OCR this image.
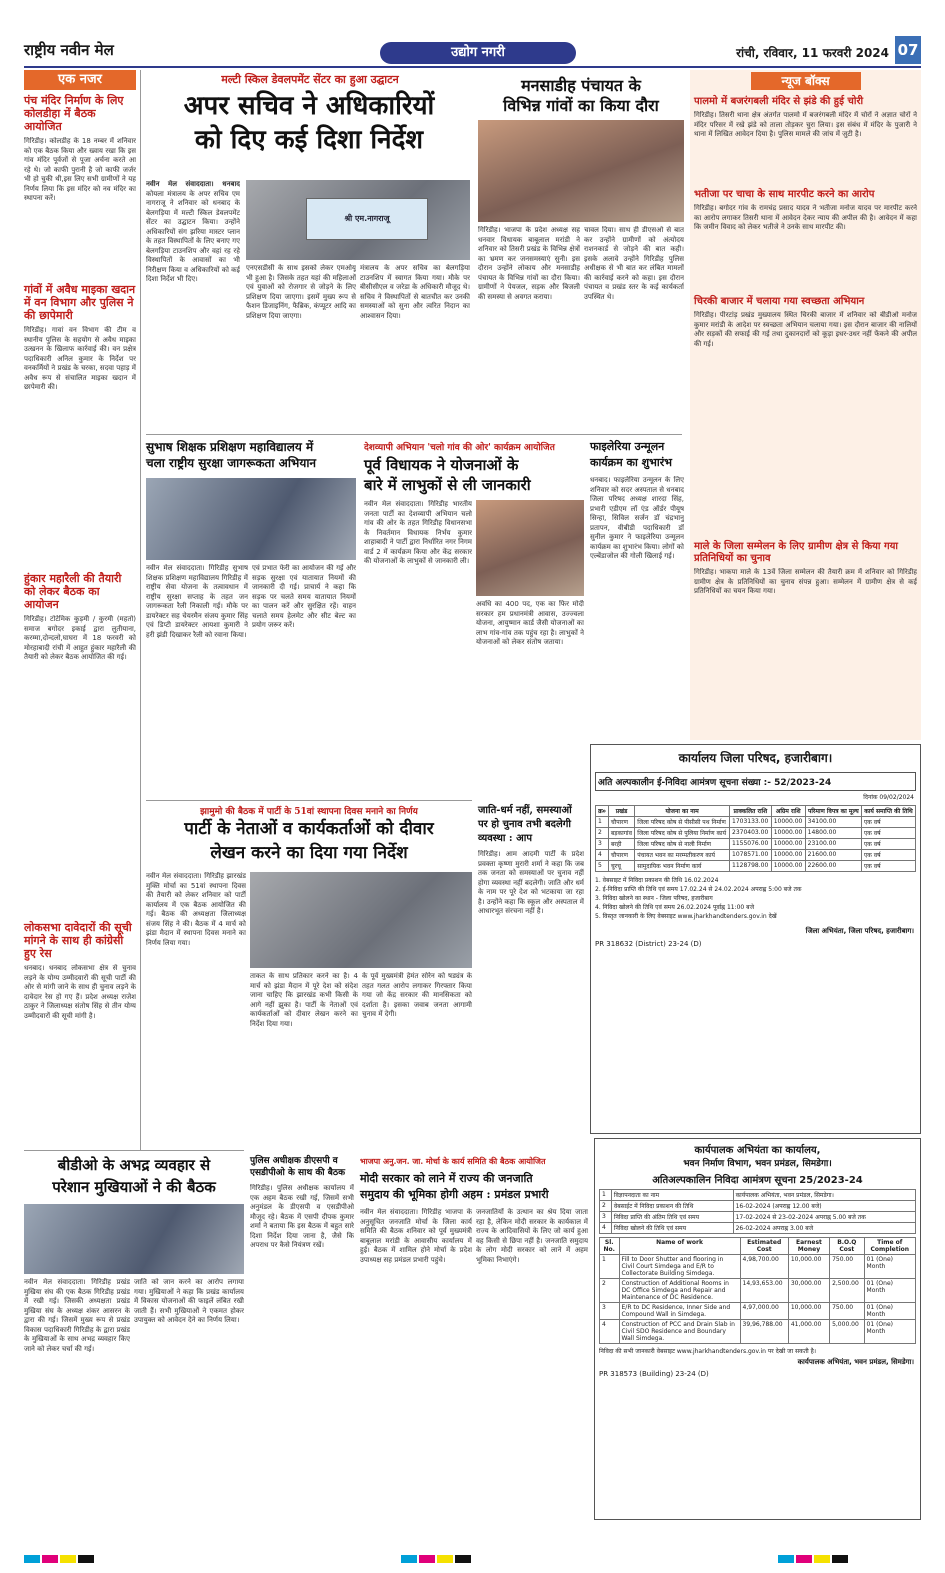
राष्ट्रीय नवीन मेल	उद्योग नगरी	रांची, रविवार, 11 फरवरी 2024 07
एक नजर
पंच मंदिर निर्माण के लिए कोलडीहा में बैठक आयोजित
गिरिडीह। कोलडीह के 18 नम्बर में शनिवार को एक बैठक किया और ख्वाय रखा कि इस गांव मंदिर पूर्वजों से पूजा अर्चना करते आ रहे थे। जो काफी पुरानी है जो काफी जर्जर भी हो चुकी थी,इस लिए सभी ग्रामीणों ने यह निर्णय लिया कि इस मंदिर को नव मंदिर का स्थापना करें।
गांवों में अवैध माइका खदान में वन विभाग और पुलिस ने की छापेमारी
गिरिडीह। गावां वन विभाग की टीम व स्थानीय पुलिस के सहयोग से अवैध माइका उत्खनन के खिलाफ कार्रवाई की। वन प्रक्षेत्र पदाधिकारी अनिल कुमार के निर्देश पर वनकर्मियों ने प्रखंड के चरका, सदवा पहाड़ में अवैध रूप से संचालित माइका खदान में छापेमारी की।
हुंकार महारैली की तैयारी को लेकर बैठक का आयोजन
गिरिडीह। टोटेमिक कुड़मी / कुरमी (महतो) समाज बगोदर इकाई द्वारा लुतीयाना, करम्मा,दोन्दलो,घाघरा में 18 फरवरी को मोरहाबादी रांची में आहुत हुंकार महारैली की तैयारी को लेकर बैठक आयोजित की गई।
लोकसभा दावेदारों की सूची मांगने के साथ ही कांग्रेसी हुए रेस
धनबाद। धनबाद लोकसभा क्षेत्र से चुनाव लड़ने के योग्य उम्मीदवारों की सूची पार्टी की ओर से मांगी जाने के साथ ही चुनाव लड़ने के दावेदार रेस हो गए हैं। प्रदेश अध्यक्ष राजेश ठाकुर ने जिलाध्यक्ष संतोष सिंह से तीन योग्य उम्मीदवारों की सूची मांगी है।
मल्टी स्किल डेवलपमेंट सेंटर का हुआ उद्घाटन
अपर सचिव ने अधिकारियों
को दिए कई दिशा निर्देश
नवीन मेल संवाददाता। धनबाद कोयला मंत्रालय के अपर सचिव एम नागराजू ने शनिवार को धनबाद के बेलगड़िया में मल्टी स्किल डेवलपमेंट सेंटर का उद्घाटन किया। उन्होंने अधिकारियों संग झरिया मास्टर प्लान के तहत विस्थापितों के लिए बनाए गए बेलगड़िया टाउनशिप और वहां रह रहे विस्थापितों के आवासों का भी निरीक्षण किया व अधिकारियों को कई दिशा निर्देश भी दिए।
श्री एम.नागराजू
एनएसडीसी के साथ इसको लेकर एमओयू भी हुआ है। जिसके तहत यहां की महिलाओं एवं युवाओं को रोजगार से जोड़ने के लिए प्रशिक्षण दिया जाएगा। इसमें मुख्य रूप से फैशन डिजाइनिंग, फैब्रिक, कंप्यूटर आदि का प्रशिक्षण दिया जाएगा।
मंत्रालय के अपर सचिव का बेलगड़िया टाउनशिप में स्वागत किया गया। मौके पर बीसीसीएल व जरेडा के अधिकारी मौजूद थे। सचिव ने विस्थापितों से बातचीत कर उनकी समस्याओं को सुना और त्वरित निदान का आश्वासन दिया।
मनसाडीह पंचायत के
विभिन्न गांवों का किया दौरा
गिरिडीह। भाजपा के प्रदेश अध्यक्ष सह धनवार विधायक बाबूलाल मरांडी ने शनिवार को तिसरी प्रखंड के विभिन्न क्षेत्रों का भ्रमण कर जनसमस्याएं सुनी। इस दौरान उन्होंने लोकाय और मनसाडीह पंचायत के विभिन्न गांवों का दौरा किया। ग्रामीणों ने पेयजल, सड़क और बिजली की समस्या से अवगत कराया।
चावल दिया। साथ ही डीएसओ से बात कर उन्होंने ग्रामीणों को अंत्योदय राशनकार्ड से जोड़ने की बात कही। इसके अलावे उन्होंने गिरिडीह पुलिस अधीक्षक से भी बात कर लंबित मामलों की कार्रवाई करने को कहा। इस दौरान पंचायत व प्रखंड स्तर के कई कार्यकर्ता उपस्थित थे।
न्यूज बॉक्स
पालमो में बजरंगबली मंदिर से झंडे की हुई चोरी
गिरिडीह। तिसरी थाना क्षेत्र अंतर्गत पालमो में बजरंगबली मंदिर में चोरों ने अज्ञात चोरों ने मंदिर परिसर में रखे झंडे को ताला तोड़कर चुरा लिया। इस संबंध में मंदिर के पुजारी ने थाना में लिखित आवेदन दिया है। पुलिस मामले की जांच में जुटी है।
भतीजा पर चाचा के साथ मारपीट करने का आरोप
गिरिडीह। बगोदर गांव के रामचंद्र प्रसाद यादव ने भतीजा मनोज यादव पर मारपीट करने का आरोप लगाकर तिसरी थाना में आवेदन देकर न्याय की अपील की है। आवेदन में कहा कि जमीन विवाद को लेकर भतीजे ने उनके साथ मारपीट की।
चिरकी बाजार में चलाया गया स्वच्छता अभियान
गिरिडीह। पीरटांड़ प्रखंड मुख्यालय स्थित चिरकी बाजार में शनिवार को बीडीओ मनोज कुमार मरांडी के आदेश पर स्वच्छता अभियान चलाया गया। इस दौरान बाजार की नालियों और सड़कों की सफाई की गई तथा दुकानदारों को कूड़ा इधर-उधर नहीं फेंकने की अपील की गई।
माले के जिला सम्मेलन के लिए ग्रामीण क्षेत्र से किया गया प्रतिनिधियों का चुनाव
गिरिडीह। भाकपा माले के 13वें जिला सम्मेलन की तैयारी क्रम में शनिवार को गिरिडीह ग्रामीण क्षेत्र के प्रतिनिधियों का चुनाव संपन्न हुआ। सम्मेलन में ग्रामीण क्षेत्र से कई प्रतिनिधियों का चयन किया गया।
सुभाष शिक्षक प्रशिक्षण महाविद्यालय में
चला राष्ट्रीय सुरक्षा जागरूकता अभियान
नवीन मेल संवाददाता। गिरिडीह सुभाष शिक्षक प्रशिक्षण महाविद्यालय गिरिडीह में राष्ट्रीय सेवा योजना के तत्वावधान में राष्ट्रीय सुरक्षा सप्ताह के तहत जन जागरूकता रैली निकाली गई। मौके पर डायरेक्टर सह चेयरमैन संजय कुमार सिंह एवं डिप्टी डायरेक्टर आयशा कुमारी ने हरी झंडी दिखाकर रैली को रवाना किया।
एवं प्रभात फेरी का आयोजन की गई और सड़क सुरक्षा एवं यातायात नियमों की जानकारी दी गई। प्राचार्य ने कहा कि सड़क पर चलते समय यातायात नियमों का पालन करें और सुरक्षित रहें। वाहन चलाते समय हेलमेट और सीट बेल्ट का प्रयोग जरूर करें।
देशव्यापी अभियान 'चलो गांव की ओर' कार्यक्रम आयोजित
पूर्व विधायक ने योजनाओं के
बारे में लाभुकों से ली जानकारी
नवीन मेल संवाददाता। गिरिडीह भारतीय जनता पार्टी का देशव्यापी अभियान चलो गांव की ओर के तहत गिरिडीह विधानसभा के निवर्तमान विधायक निर्भय कुमार शाहाबादी ने पार्टी द्वारा निर्धारित नगर निगम वार्ड 2 में कार्यक्रम किया और केंद्र सरकार की योजनाओं के लाभुकों से जानकारी ली।
अवधि का 400 पद, एक का फिर मोदी सरकार हम प्रधानमंत्री आवास, उज्ज्वला योजना, आयुष्मान कार्ड जैसी योजनाओं का लाभ गांव-गांव तक पहुंच रहा है। लाभुकों ने योजनाओं को लेकर संतोष जताया।
फाइलेरिया उन्मूलन
कार्यक्रम का शुभारंभ
धनबाद। फाइलेरिया उन्मूलन के लिए शनिवार को सदर अस्पताल से धनबाद जिला परिषद अध्यक्ष शारदा सिंह, प्रभारी एडीएम लॉ एंड ऑर्डर पीयूष सिन्हा, सिविल सर्जन डॉ चंद्रभानु प्रतापन, वीबीडी पदाधिकारी डॉ सुनील कुमार ने फाइलेरिया उन्मूलन कार्यक्रम का शुभारंभ किया। लोगों को एल्बेंडाजोल की गोली खिलाई गई।
झामुमो की बैठक में पार्टी के 51वां स्थापना दिवस मनाने का निर्णय
पार्टी के नेताओं व कार्यकर्ताओं को दीवार
लेखन करने का दिया गया निर्देश
नवीन मेल संवाददाता। गिरिडीह झारखंड मुक्ति मोर्चा का 51वां स्थापना दिवस की तैयारी को लेकर शनिवार को पार्टी कार्यालय में एक बैठक आयोजित की गई। बैठक की अध्यक्षता जिलाध्यक्ष संजय सिंह ने की। बैठक में 4 मार्च को झंडा मैदान में स्थापना दिवस मनाने का निर्णय लिया गया।
ताकत के साथ प्रतिकार करने का है। 4 मार्च को झंडा मैदान में पूरे देश को संदेश जाना चाहिए कि झारखंड कभी किसी के आगे नहीं झुका है। पार्टी के नेताओं एवं कार्यकर्ताओं को दीवार लेखन करने का निर्देश दिया गया।
के पूर्व मुख्यमंत्री हेमंत सोरेन को षड्यंत्र के तहत गलत आरोप लगाकर गिरफ्तार किया गया जो केंद्र सरकार की मानसिकता को दर्शाता है। इसका जवाब जनता आगामी चुनाव में देगी।
जाति-धर्म नहीं, समस्याओं
पर हो चुनाव तभी बदलेगी
व्यवस्था : आप
गिरिडीह। आम आदमी पार्टी के प्रदेश प्रवक्ता कृष्णा मुरारी शर्मा ने कहा कि जब तक जनता को समस्याओं पर चुनाव नहीं होगा व्यवस्था नहीं बदलेगी। जाति और धर्म के नाम पर पूरे देश को भटकाया जा रहा है। उन्होंने कहा कि स्कूल और अस्पताल में आधारभूत संरचना नहीं है।
कार्यालय जिला परिषद, हजारीबाग।
अति अल्पकालीन ई-निविदा आमंत्रण सूचना संख्या :- 52/2023-24
दिनांक 09/02/2024
क्र०	प्रखंड	योजना का नाम	प्राक्कलित राशि	अग्रिम राशि	परिमाण विपत्र का मूल्य	कार्य समाप्ति की तिथि
1	चौपारण	जिला परिषद कोष से पीसीसी पथ निर्माण	1703133.00	10000.00	34100.00	एक वर्ष
2	बड़कागांव	जिला परिषद कोष से पुलिया निर्माण कार्य	2370403.00	10000.00	14800.00	एक वर्ष
3	बरही	जिला परिषद कोष से नाली निर्माण	1155076.00	10000.00	23100.00	एक वर्ष
4	चौपारण	पंचायत भवन का मरम्मतीकरण कार्य	1078571.00	10000.00	21600.00	एक वर्ष
5	चुरचू	सामुदायिक भवन निर्माण कार्य	1128798.00	10000.00	22600.00	एक वर्ष
1. वेबसाइट में निविदा प्रकाशन की तिथि 16.02.2024
2. ई-निविदा प्राप्ति की तिथि एवं समय 17.02.24 से 24.02.2024 अपराह्न 5:00 बजे तक
3. निविदा खोलने का स्थान - जिला परिषद, हजारीबाग
4. निविदा खोलने की तिथि एवं समय 26.02.2024 पूर्वाह्न 11:00 बजे
5. विस्तृत जानकारी के लिए वेबसाइट www.jharkhandtenders.gov.in देखें
जिला अभियंता, जिला परिषद, हजारीबाग।
PR 318632 (District) 23-24 (D)
बीडीओ के अभद्र व्यवहार से
परेशान मुखियाओं ने की बैठक
नवीन मेल संवाददाता। गिरिडीह प्रखंड मुखिया संघ की एक बैठक गिरिडीह प्रखंड में रखी गई। जिसकी अध्यक्षता प्रखंड मुखिया संघ के अध्यक्ष शंकर आसरन के द्वारा की गई। जिसमें मुख्य रूप से प्रखंड विकास पदाधिकारी गिरिडीह के द्वारा प्रखंड के मुखियाओं के साथ अभद्र व्यवहार किए जाने को लेकर चर्चा की गई।
जाति को जान करने का आरोप लगाया गया। मुखियाओं ने कहा कि प्रखंड कार्यालय में विकास योजनाओं की फाइलें लंबित रखी जाती हैं। सभी मुखियाओं ने एकमत होकर उपायुक्त को आवेदन देने का निर्णय लिया।
पुलिस अधीक्षक डीएसपी व
एसडीपीओ के साथ की बैठक
गिरिडीह। पुलिस अधीक्षक कार्यालय में एक अहम बैठक रखी गई, जिसमें सभी अनुमंडल के डीएसपी व एसडीपीओ मौजूद रहे। बैठक में एसपी दीपक कुमार शर्मा ने बताया कि इस बैठक में बहुत सारे दिशा निर्देश दिया जाना है, जैसे कि अपराध पर कैसे नियंत्रण रखें।
भाजपा अनु.जन. जा. मोर्चा के कार्य समिति की बैठक आयोजित
मोदी सरकार को लाने में राज्य की जनजाति
समुदाय की भूमिका होगी अहम : प्रमंडल प्रभारी
नवीन मेल संवाददाता। गिरिडीह भाजपा के अनुसूचित जनजाति मोर्चा के जिला कार्य समिति की बैठक शनिवार को पूर्व मुख्यमंत्री बाबूलाल मरांडी के आवासीय कार्यालय में हुई। बैठक में शामिल होने मोर्चा के प्रदेश उपाध्यक्ष सह प्रमंडल प्रभारी पहुंचे।
जनजातियों के उत्थान का श्रेय दिया जाता रहा है, लेकिन मोदी सरकार के कार्यकाल में राज्य के आदिवासियों के लिए जो कार्य हुआ वह किसी से छिपा नहीं है। जनजाति समुदाय के लोग मोदी सरकार को लाने में अहम भूमिका निभाएंगे।
कार्यपालक अभियंता का कार्यालय,
भवन निर्माण विभाग, भवन प्रमंडल, सिमडेगा।
अतिअल्पकालिन निविदा आमंत्रण सूचना 25/2023-24
1	विज्ञापनदाता का नाम	कार्यपालक अभियंता, भवन प्रमंडल, सिमडेगा।
2	वेबसाईट में निविदा प्रकाशन की तिथि	16-02-2024 (अपराह्न 12.00 बजे)
3	निविदा प्राप्ति की अंतिम तिथि एवं समय	17-02-2024 से 23-02-2024 अपराह्न 5.00 बजे तक
4	निविदा खोलने की तिथि एवं समय	26-02-2024 अपराह्न 3.00 बजे
Sl. No.	Name of work	Estimated Cost	Earnest Money	B.O.Q Cost	Time of Completion
1	Fill to Door Shutter and flooring in Civil Court Simdega and E/R to Collectorate Building Simdega.	4,98,700.00	10,000.00	750.00	01 (One) Month
2	Construction of Additional Rooms in DC Office Simdega and Repair and Maintenance of DC Residence.	14,93,653.00	30,000.00	2,500.00	01 (One) Month
3	E/R to DC Residence, Inner Side and Compound Wall in Simdega.	4,97,000.00	10,000.00	750.00	01 (One) Month
4	Construction of PCC and Drain Slab in Civil SDO Residence and Boundary Wall Simdega.	39,96,788.00	41,000.00	5,000.00	01 (One) Month
निविदा की सभी जानकारी वेबसाइट www.jharkhandtenders.gov.in पर देखी जा सकती है।
कार्यपालक अभियंता, भवन प्रमंडल, सिमडेगा।
PR 318573 (Building) 23-24 (D)
